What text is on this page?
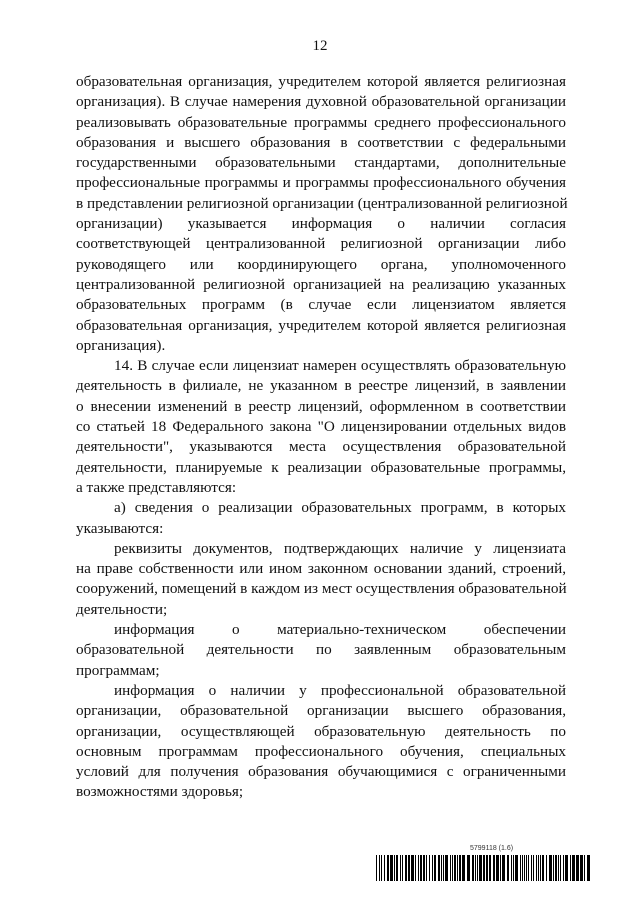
12
образовательная организация, учредителем которой является религиозная
организация). В случае намерения духовной образовательной организации
реализовывать образовательные программы среднего профессионального
образования и высшего образования в соответствии с федеральными
государственными образовательными стандартами, дополнительные
профессиональные программы и программы профессионального обучения
в представлении религиозной организации (централизованной религиозной
организации) указывается информация о наличии согласия
соответствующей централизованной религиозной организации либо
руководящего или координирующего органа, уполномоченного
централизованной религиозной организацией на реализацию указанных
образовательных программ (в случае если лицензиатом является
образовательная организация, учредителем которой является религиозная
организация).
14. В случае если лицензиат намерен осуществлять образовательную
деятельность в филиале, не указанном в реестре лицензий, в заявлении
о внесении изменений в реестр лицензий, оформленном в соответствии
со статьей 18 Федерального закона "О лицензировании отдельных видов
деятельности", указываются места осуществления образовательной
деятельности, планируемые к реализации образовательные программы,
а также представляются:
а) сведения о реализации образовательных программ, в которых
указываются:
реквизиты документов, подтверждающих наличие у лицензиата
на праве собственности или ином законном основании зданий, строений,
сооружений, помещений в каждом из мест осуществления образовательной
деятельности;
информация о материально-техническом обеспечении
образовательной деятельности по заявленным образовательным
программам;
информация о наличии у профессиональной образовательной
организации, образовательной организации высшего образования,
организации, осуществляющей образовательную деятельность по
основным программам профессионального обучения, специальных
условий для получения образования обучающимися с ограниченными
возможностями здоровья;
5799118 (1.6)
